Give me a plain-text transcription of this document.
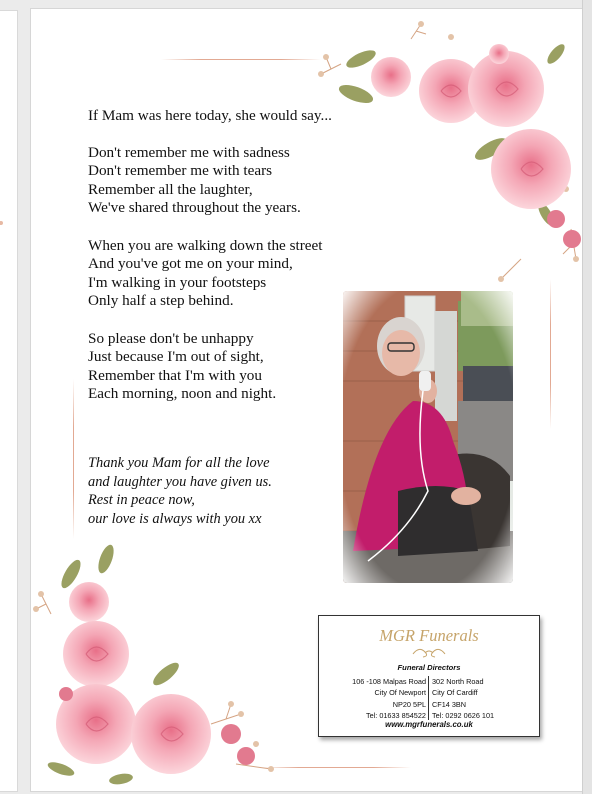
If Mam was here today, she would say...
Don't remember me with sadness
Don't remember me with tears
Remember all the laughter,
We've shared throughout the years.
When you are walking down the street
And you've got me on your mind,
I'm walking in your footsteps
Only half a step behind.
So please don't be unhappy
Just because I'm out of sight,
Remember that I'm with you
Each morning, noon and night.
Thank you Mam for all the love
and laughter you have given us.
Rest in peace now,
our love is always with you xx
MGR Funerals
Funeral Directors
106 -108 Malpas Road
City Of Newport
NP20 5PL
Tel: 01633 854522
302 North Road
City Of Cardiff
CF14 3BN
Tel: 0292 0626 101
www.mgrfunerals.co.uk
